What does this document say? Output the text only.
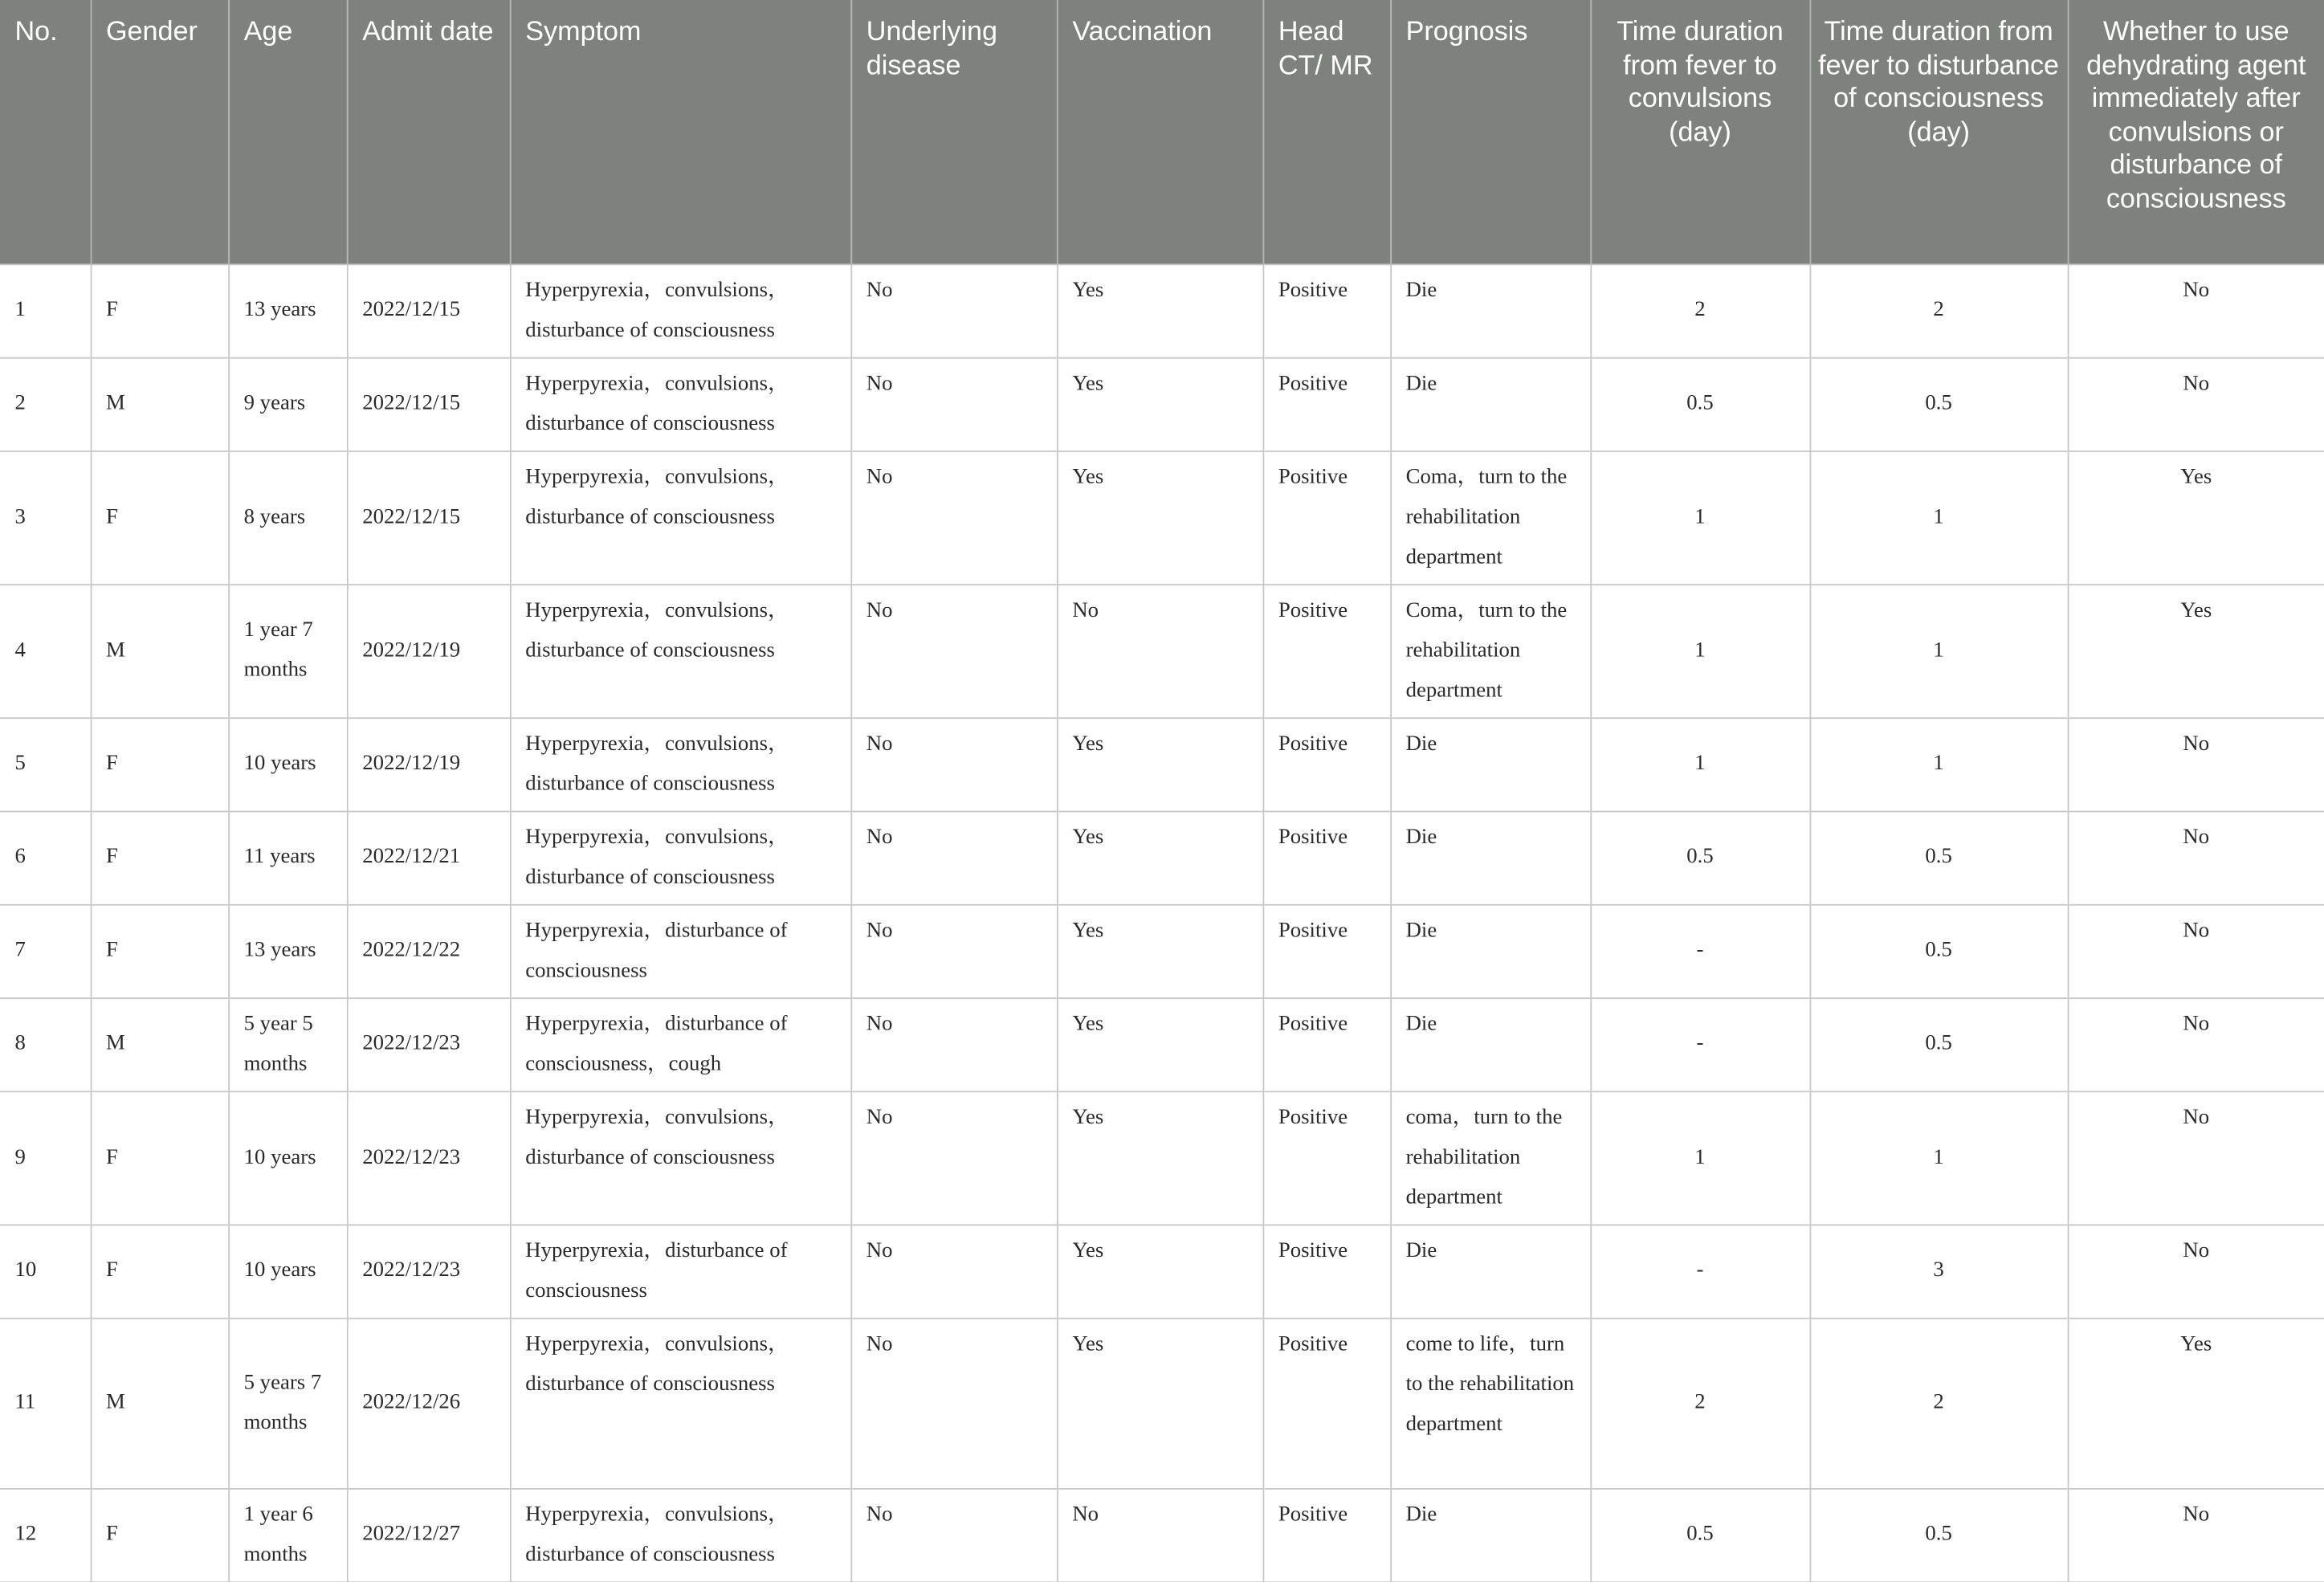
No.	Gender	Age	Admit date	Symptom	Underlying disease	Vaccination	Head CT/ MR	Prognosis	Time duration from fever to convulsions (day)	Time duration from fever to disturbance of consciousness (day)	Whether to use dehydrating agent immediately after convulsions or disturbance of consciousness
1	F	13 years	2022/12/15	Hyperpyrexia，convulsions，disturbance of consciousness	No	Yes	Positive	Die	2	2	No
2	M	9 years	2022/12/15	Hyperpyrexia，convulsions，disturbance of consciousness	No	Yes	Positive	Die	0.5	0.5	No
3	F	8 years	2022/12/15	Hyperpyrexia，convulsions，disturbance of consciousness	No	Yes	Positive	Coma，turn to the rehabilitation department	1	1	Yes
4	M	1 year 7 months	2022/12/19	Hyperpyrexia，convulsions，disturbance of consciousness	No	No	Positive	Coma，turn to the rehabilitation department	1	1	Yes
5	F	10 years	2022/12/19	Hyperpyrexia，convulsions，disturbance of consciousness	No	Yes	Positive	Die	1	1	No
6	F	11 years	2022/12/21	Hyperpyrexia，convulsions，disturbance of consciousness	No	Yes	Positive	Die	0.5	0.5	No
7	F	13 years	2022/12/22	Hyperpyrexia，disturbance of consciousness	No	Yes	Positive	Die	-	0.5	No
8	M	5 year 5 months	2022/12/23	Hyperpyrexia，disturbance of consciousness，cough	No	Yes	Positive	Die	-	0.5	No
9	F	10 years	2022/12/23	Hyperpyrexia，convulsions，disturbance of consciousness	No	Yes	Positive	coma，turn to the rehabilitation department	1	1	No
10	F	10 years	2022/12/23	Hyperpyrexia，disturbance of consciousness	No	Yes	Positive	Die	-	3	No
11	M	5 years 7 months	2022/12/26	Hyperpyrexia，convulsions，disturbance of consciousness	No	Yes	Positive	come to life，turn to the rehabilitation department	2	2	Yes
12	F	1 year 6 months	2022/12/27	Hyperpyrexia，convulsions，disturbance of consciousness	No	No	Positive	Die	0.5	0.5	No
